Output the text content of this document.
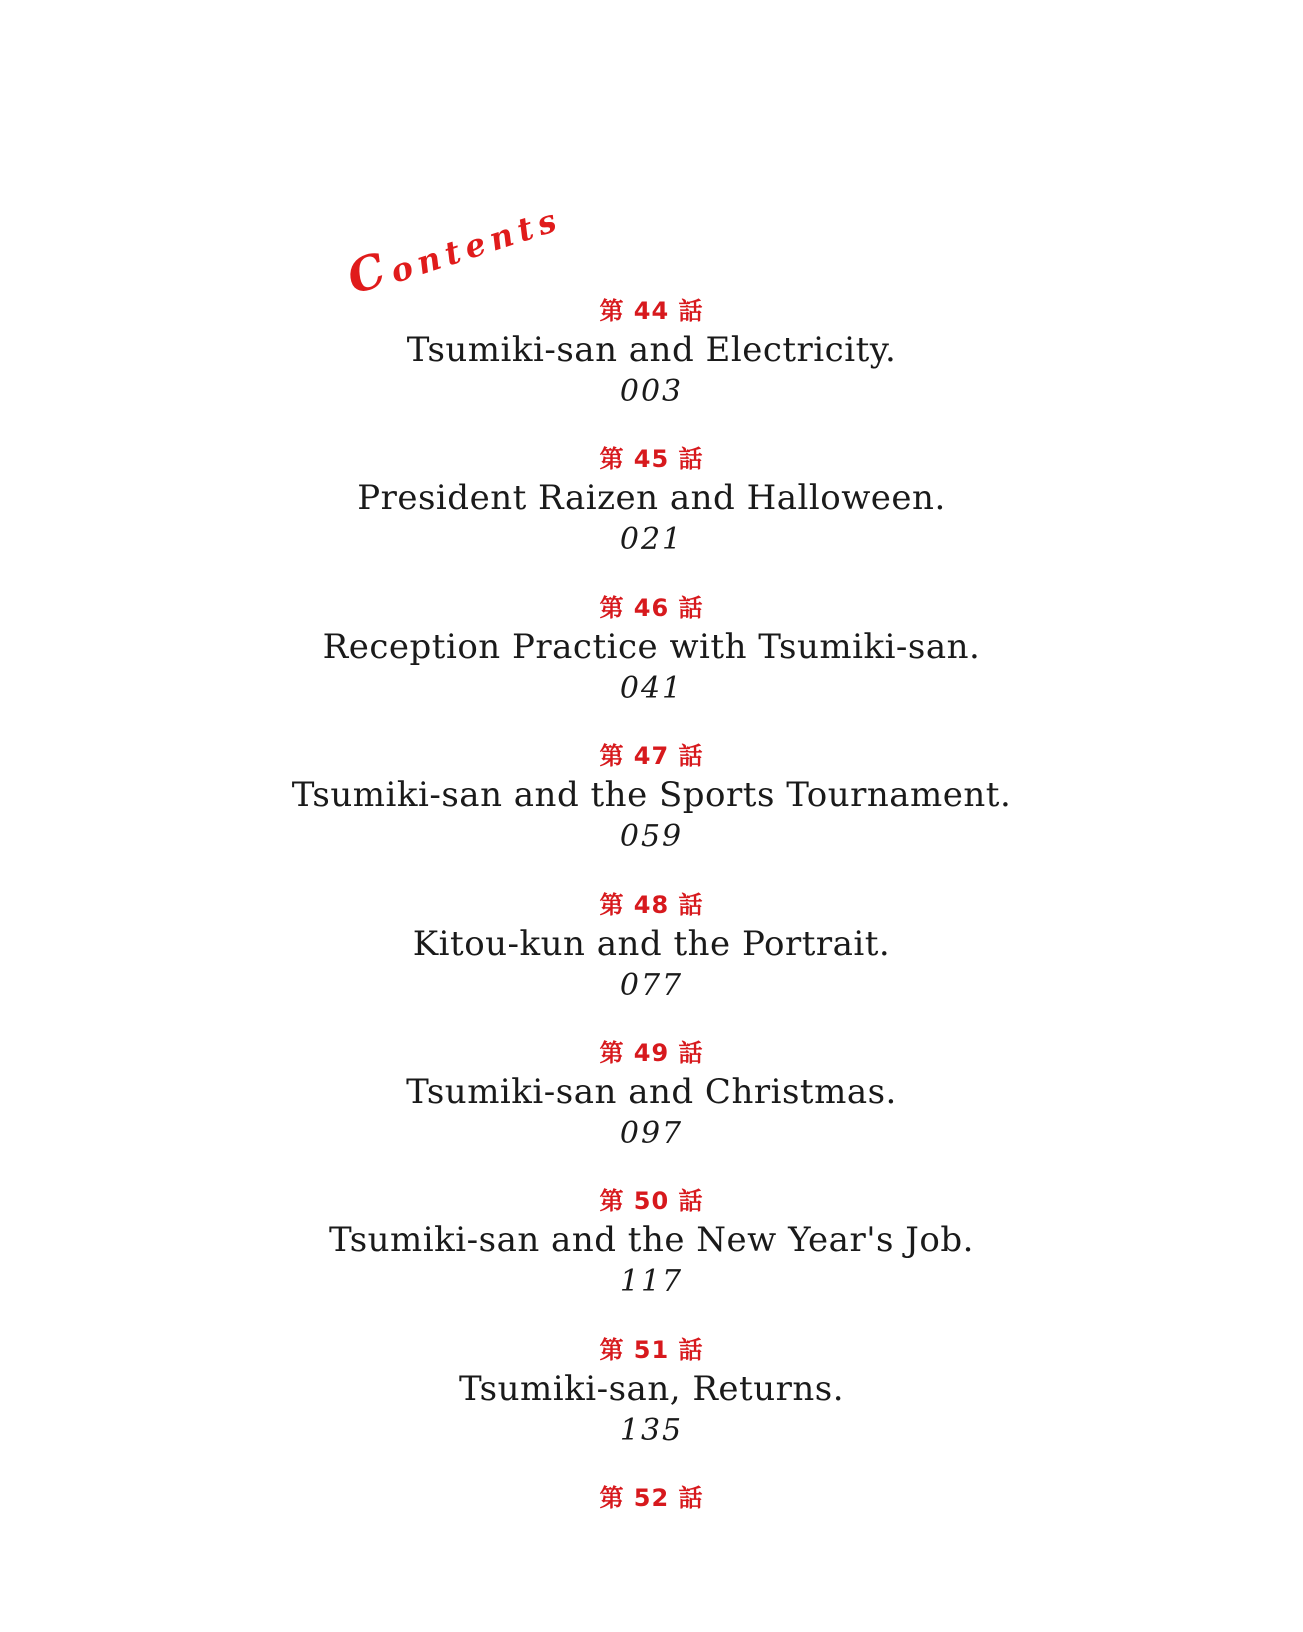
C
ontents
第 44 話
Tsumiki-san and Electricity.
003
第 45 話
President Raizen and Halloween.
021
第 46 話
Reception Practice with Tsumiki-san.
041
第 47 話
Tsumiki-san and the Sports Tournament.
059
第 48 話
Kitou-kun and the Portrait.
077
第 49 話
Tsumiki-san and Christmas.
097
第 50 話
Tsumiki-san and the New Year's Job.
117
第 51 話
Tsumiki-san, Returns.
135
第 52 話
